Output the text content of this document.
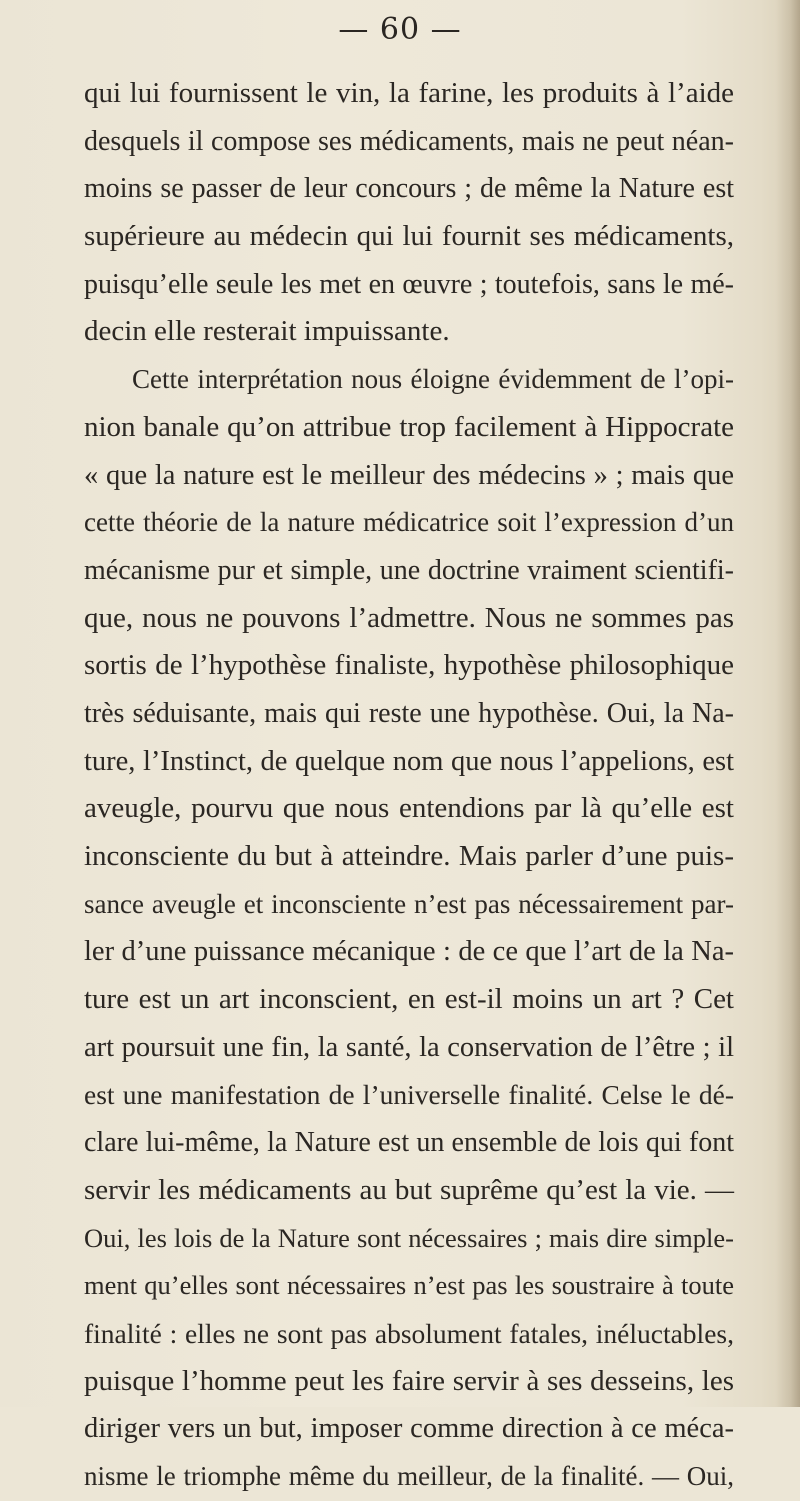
— 60 —
qui lui fournissent le vin, la farine, les produits à l’aide
desquels il compose ses médicaments, mais ne peut néan-
moins se passer de leur concours ; de même la Nature est
supérieure au médecin qui lui fournit ses médicaments,
puisqu’elle seule les met en œuvre ; toutefois, sans le mé-
decin elle resterait impuissante.
Cette interprétation nous éloigne évidemment de l’opi-
nion banale qu’on attribue trop facilement à Hippocrate
« que la nature est le meilleur des médecins » ; mais que
cette théorie de la nature médicatrice soit l’expression d’un
mécanisme pur et simple, une doctrine vraiment scientifi-
que, nous ne pouvons l’admettre. Nous ne sommes pas
sortis de l’hypothèse finaliste, hypothèse philosophique
très séduisante, mais qui reste une hypothèse. Oui, la Na-
ture, l’Instinct, de quelque nom que nous l’appelions, est
aveugle, pourvu que nous entendions par là qu’elle est
inconsciente du but à atteindre. Mais parler d’une puis-
sance aveugle et inconsciente n’est pas nécessairement par-
ler d’une puissance mécanique : de ce que l’art de la Na-
ture est un art inconscient, en est-il moins un art ? Cet
art poursuit une fin, la santé, la conservation de l’être ; il
est une manifestation de l’universelle finalité. Celse le dé-
clare lui-même, la Nature est un ensemble de lois qui font
servir les médicaments au but suprême qu’est la vie. —
Oui, les lois de la Nature sont nécessaires ; mais dire simple-
ment qu’elles sont nécessaires n’est pas les soustraire à toute
finalité : elles ne sont pas absolument fatales, inéluctables,
puisque l’homme peut les faire servir à ses desseins, les
diriger vers un but, imposer comme direction à ce méca-
nisme le triomphe même du meilleur, de la finalité. — Oui,
